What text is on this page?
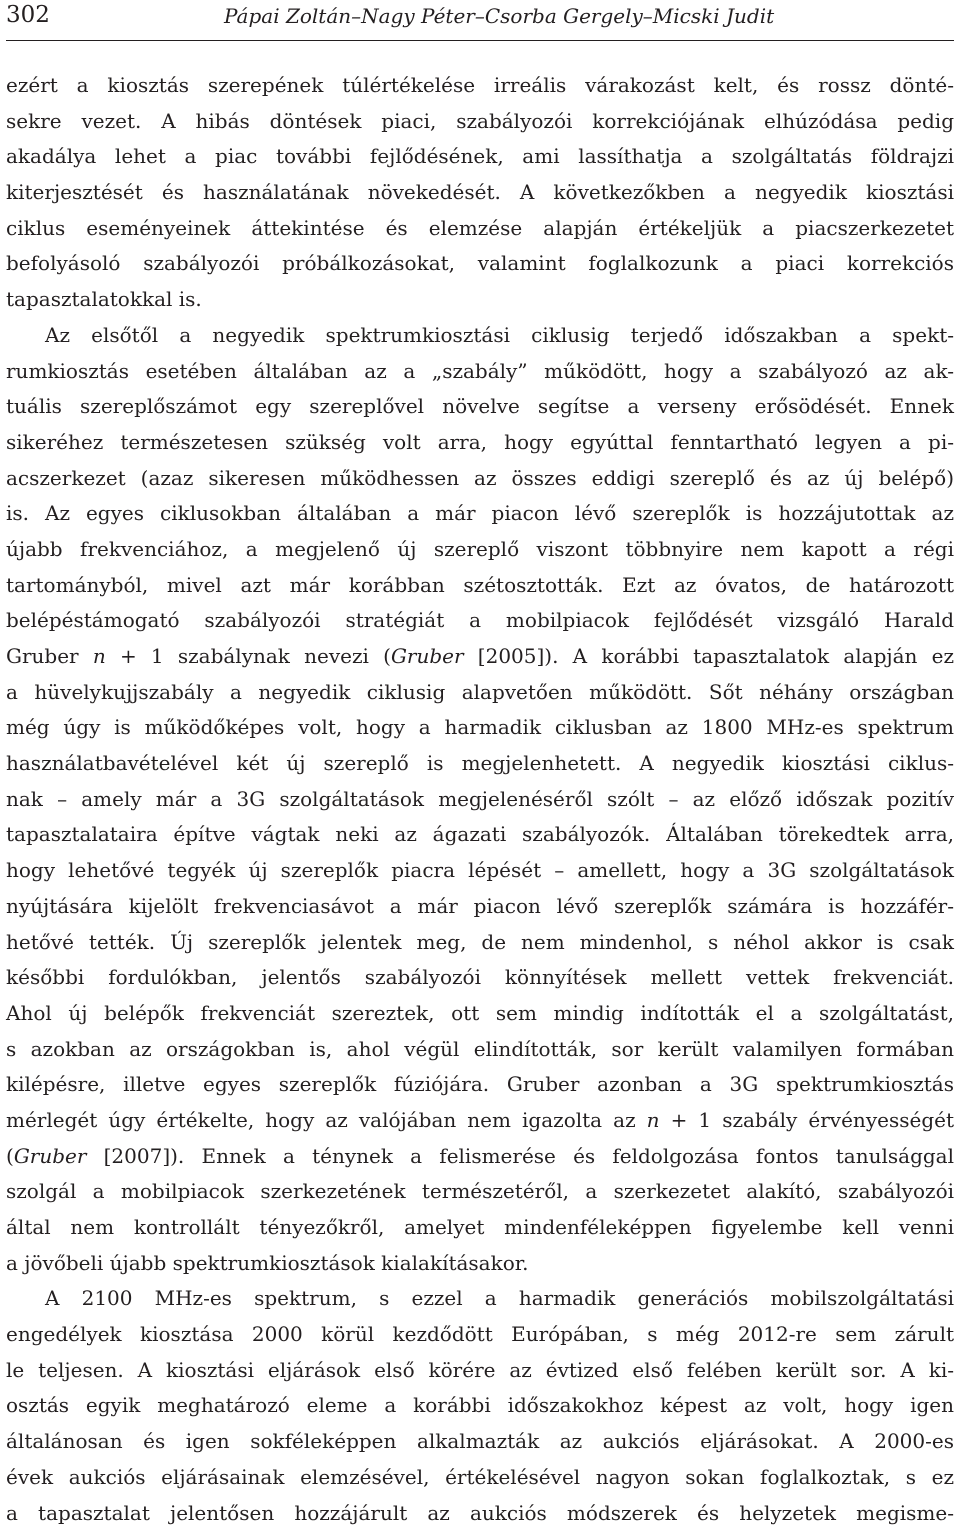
302	Pápai Zoltán–Nagy Péter–Csorba Gergely–Micski Judit
ezért a kiosztás szerepének túlértékelése irreális várakozást kelt, és rossz dönté-
sekre vezet. A hibás döntések piaci, szabályozói korrekciójának elhúzódása pedig
akadálya lehet a piac további fejlődésének, ami lassíthatja a szolgáltatás földrajzi
kiterjesztését és használatának növekedését. A következőkben a negyedik kiosztási
ciklus eseményeinek áttekintése és elemzése alapján értékeljük a piacszerkezetet
befolyásoló szabályozói próbálkozásokat, valamint foglalkozunk a piaci korrekciós
tapasztalatokkal is.
Az elsőtől a negyedik spektrumkiosztási ciklusig terjedő időszakban a spekt-
rumkiosztás esetében általában az a „szabály” működött, hogy a szabályozó az ak-
tuális szereplőszámot egy szereplővel növelve segítse a verseny erősödését. Ennek
sikeréhez természetesen szükség volt arra, hogy egyúttal fenntartható legyen a pi-
acszerkezet (azaz sikeresen működhessen az összes eddigi szereplő és az új belépő)
is. Az egyes ciklusokban általában a már piacon lévő szereplők is hozzájutottak az
újabb frekvenciához, a megjelenő új szereplő viszont többnyire nem kapott a régi
tartományból, mivel azt már korábban szétosztották. Ezt az óvatos, de határozott
belépéstámogató szabályozói stratégiát a mobilpiacok fejlődését vizsgáló Harald
Gruber n + 1 szabálynak nevezi (Gruber [2005]). A korábbi tapasztalatok alapján ez
a hüvelykujjszabály a negyedik ciklusig alapvetően működött. Sőt néhány országban
még úgy is működőképes volt, hogy a harmadik ciklusban az 1800 MHz-es spektrum
használatbavételével két új szereplő is megjelenhetett. A negyedik kiosztási ciklus-
nak – amely már a 3G szolgáltatások megjelenéséről szólt – az előző időszak pozitív
tapasztalataira építve vágtak neki az ágazati szabályozók. Általában törekedtek arra,
hogy lehetővé tegyék új szereplők piacra lépését – amellett, hogy a 3G szolgáltatások
nyújtására kijelölt frekvenciasávot a már piacon lévő szereplők számára is hozzáfér-
hetővé tették. Új szereplők jelentek meg, de nem mindenhol, s néhol akkor is csak
későbbi fordulókban, jelentős szabályozói könnyítések mellett vettek frekvenciát.
Ahol új belépők frekvenciát szereztek, ott sem mindig indították el a szolgáltatást,
s azokban az országokban is, ahol végül elindították, sor került valamilyen formában
kilépésre, illetve egyes szereplők fúziójára. Gruber azonban a 3G spektrumkiosztás
mérlegét úgy értékelte, hogy az valójában nem igazolta az n + 1 szabály érvényességét
(Gruber [2007]). Ennek a ténynek a felismerése és feldolgozása fontos tanulsággal
szolgál a mobilpiacok szerkezetének természetéről, a szerkezetet alakító, szabályozói
által nem kontrollált tényezőkről, amelyet mindenféleképpen figyelembe kell venni
a jövőbeli újabb spektrumkiosztások kialakításakor.
A 2100 MHz-es spektrum, s ezzel a harmadik generációs mobilszolgáltatási
engedélyek kiosztása 2000 körül kezdődött Európában, s még 2012-re sem zárult
le teljesen. A kiosztási eljárások első körére az évtized első felében került sor. A ki-
osztás egyik meghatározó eleme a korábbi időszakokhoz képest az volt, hogy igen
általánosan és igen sokféleképpen alkalmazták az aukciós eljárásokat. A 2000-es
évek aukciós eljárásainak elemzésével, értékelésével nagyon sokan foglalkoztak, s ez
a tapasztalat jelentősen hozzájárult az aukciós módszerek és helyzetek megisme-
